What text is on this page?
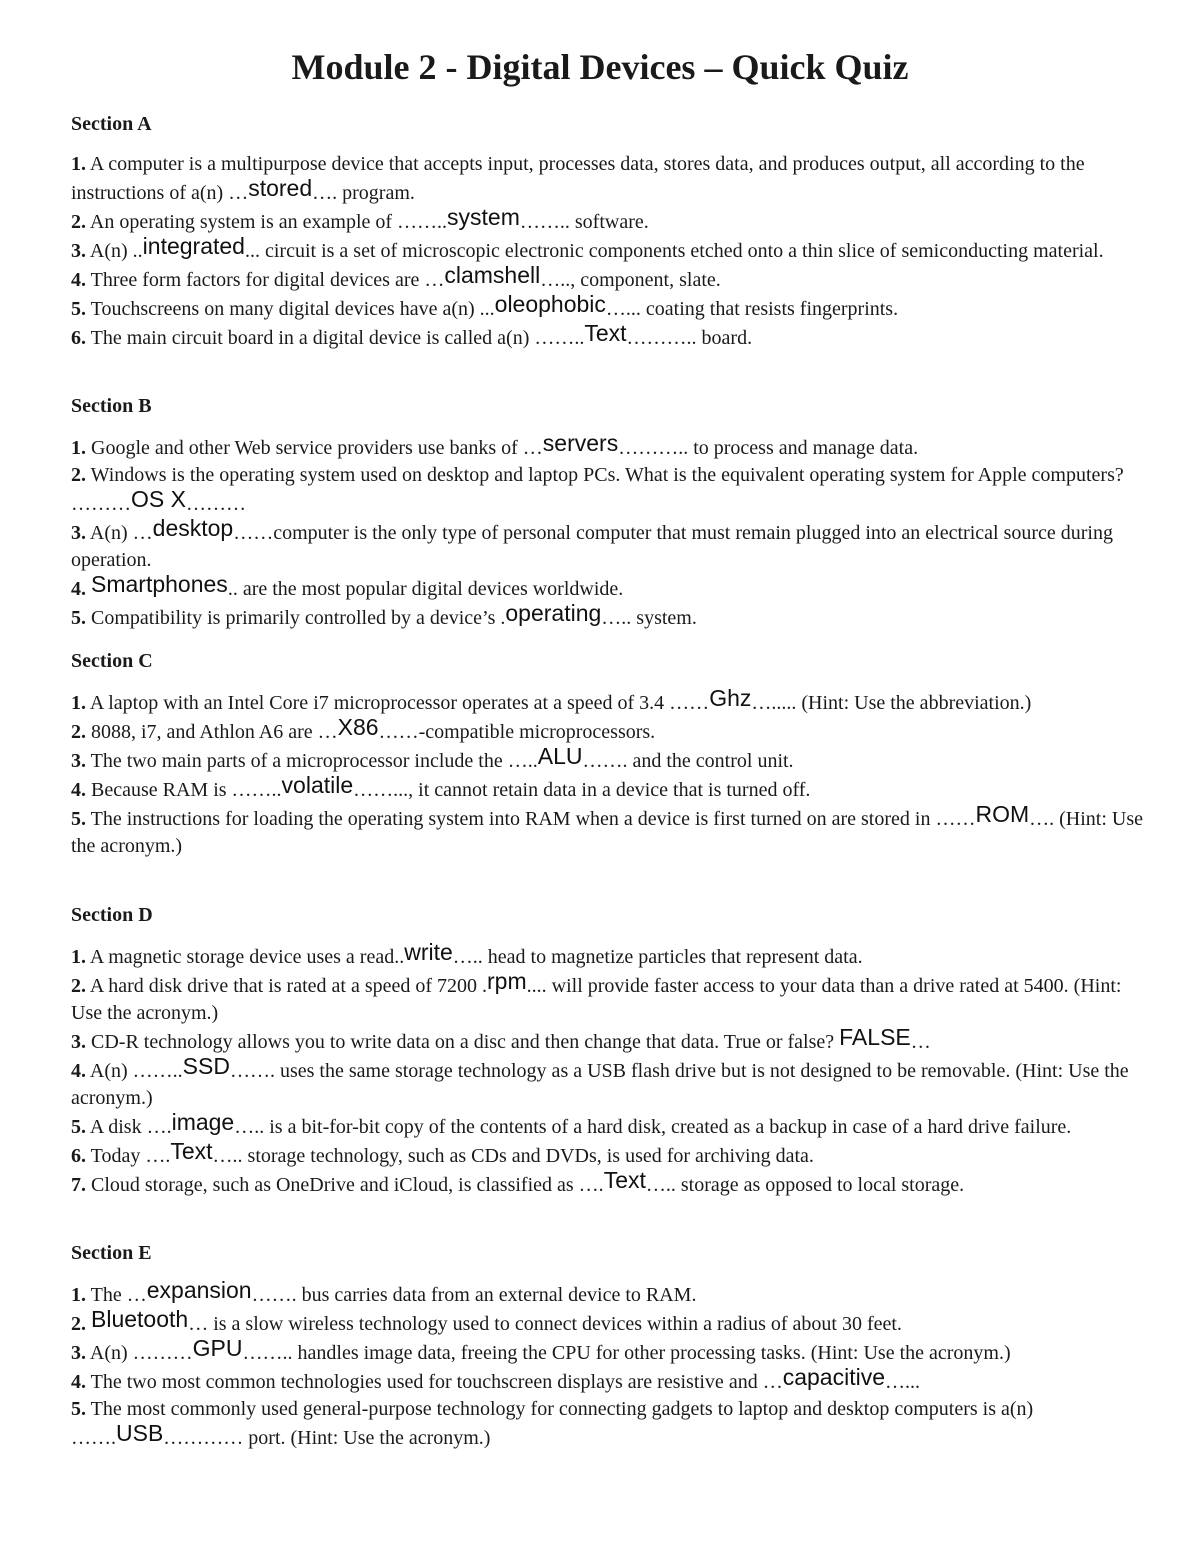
Module 2 - Digital Devices – Quick Quiz
Section A

1. A computer is a multipurpose device that accepts input, processes data, stores data, and produces output, all according to the instructions of a(n) …stored…. program.

2. An operating system is an example of ……..system…….. software.

3. A(n) ..integrated... circuit is a set of microscopic electronic components etched onto a thin slice of semiconducting material.

4. Three form factors for digital devices are …clamshell….., component, slate.

5. Touchscreens on many digital devices have a(n) ...oleophobic…... coating that resists fingerprints.

6. The main circuit board in a digital device is called a(n) ……..Text……….. board.

Section B

1. Google and other Web service providers use banks of …servers……….. to process and manage data.

2. Windows is the operating system used on desktop and laptop PCs. What is the equivalent operating system for Apple computers? ………OS X………

3. A(n) …desktop……computer is the only type of personal computer that must remain plugged into an electrical source during operation.

4. Smartphones.. are the most popular digital devices worldwide.

5. Compatibility is primarily controlled by a device’s .operating….. system.

Section C

1. A laptop with an Intel Core i7 microprocessor operates at a speed of 3.4 ……Ghz…..... (Hint: Use the abbreviation.)

2. 8088, i7, and Athlon A6 are …X86……-compatible microprocessors.

3. The two main parts of a microprocessor include the …..ALU……. and the control unit.

4. Because RAM is ……..volatile……..., it cannot retain data in a device that is turned off.

5. The instructions for loading the operating system into RAM when a device is first turned on are stored in ……ROM…. (Hint: Use the acronym.)

Section D

1. A magnetic storage device uses a read..write….. head to magnetize particles that represent data.

2. A hard disk drive that is rated at a speed of 7200 .rpm.... will provide faster access to your data than a drive rated at 5400. (Hint: Use the acronym.)

3. CD-R technology allows you to write data on a disc and then change that data. True or false? FALSE…

4. A(n) ……..SSD……. uses the same storage technology as a USB flash drive but is not designed to be removable. (Hint: Use the acronym.)

5. A disk ….image….. is a bit-for-bit copy of the contents of a hard disk, created as a backup in case of a hard drive failure.

6. Today ….Text….. storage technology, such as CDs and DVDs, is used for archiving data.

7. Cloud storage, such as OneDrive and iCloud, is classified as ….Text….. storage as opposed to local storage.

Section E

1. The …expansion……. bus carries data from an external device to RAM.

2. Bluetooth… is a slow wireless technology used to connect devices within a radius of about 30 feet.

3. A(n) ………GPU…….. handles image data, freeing the CPU for other processing tasks. (Hint: Use the acronym.)

4. The two most common technologies used for touchscreen displays are resistive and …capacitive…...

5. The most commonly used general-purpose technology for connecting gadgets to laptop and desktop computers is a(n) …….USB………… port. (Hint: Use the acronym.)
